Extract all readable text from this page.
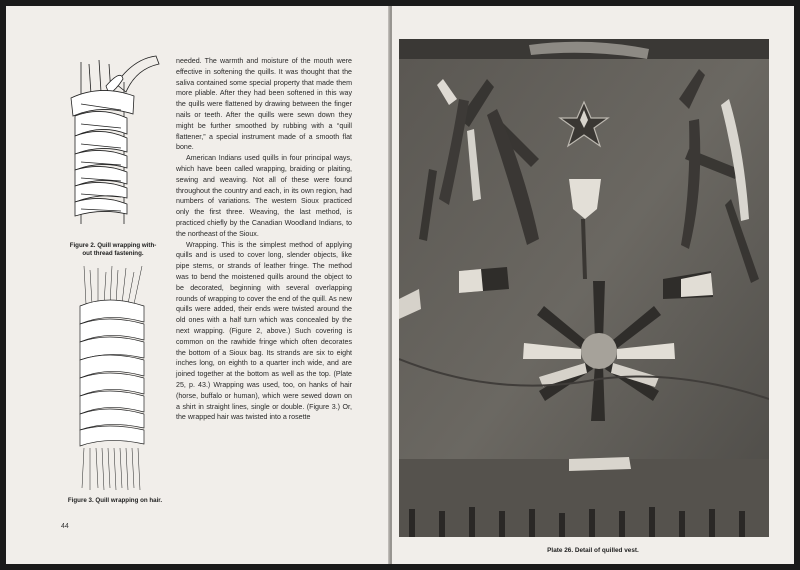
Figure 2. Quill wrapping with-
out thread fastening.
Figure 3. Quill wrapping on hair.

needed. The warmth and moisture of the mouth were effective in softening the quills. It was thought that the saliva contained some special property that made them more pliable. After they had been softened in this way the quills were flattened by drawing between the finger nails or teeth. After the quills were sewn down they might be further smoothed by rubbing with a “quill flattener,” a special instrument made of a smooth flat bone.

American Indians used quills in four principal ways, which have been called wrapping, braiding or plaiting, sewing and weaving. Not all of these were found throughout the country and each, in its own region, had numbers of variations. The western Sioux practiced only the first three. Weaving, the last method, is practiced chiefly by the Canadian Woodland Indians, to the northeast of the Sioux.

Wrapping. This is the simplest method of applying quills and is used to cover long, slender objects, like pipe stems, or strands of leather fringe. The method was to bend the moistened quills around the object to be decorated, beginning with several overlapping rounds of wrapping to cover the end of the quill. As new quills were added, their ends were twisted around the old ones with a half turn which was concealed by the next wrapping. (Figure 2, above.) Such covering is common on the rawhide fringe which often decorates the bottom of a Sioux bag. Its strands are six to eight inches long, on eighth to a quarter inch wide, and are joined together at the bottom as well as the top. (Plate 25, p. 43.) Wrapping was used, too, on hanks of hair (horse, buffalo or human), which were sewed down on a shirt in straight lines, single or double. (Figure 3.) Or, the wrapped hair was twisted into a rosette

44
Plate 26. Detail of quilled vest.
